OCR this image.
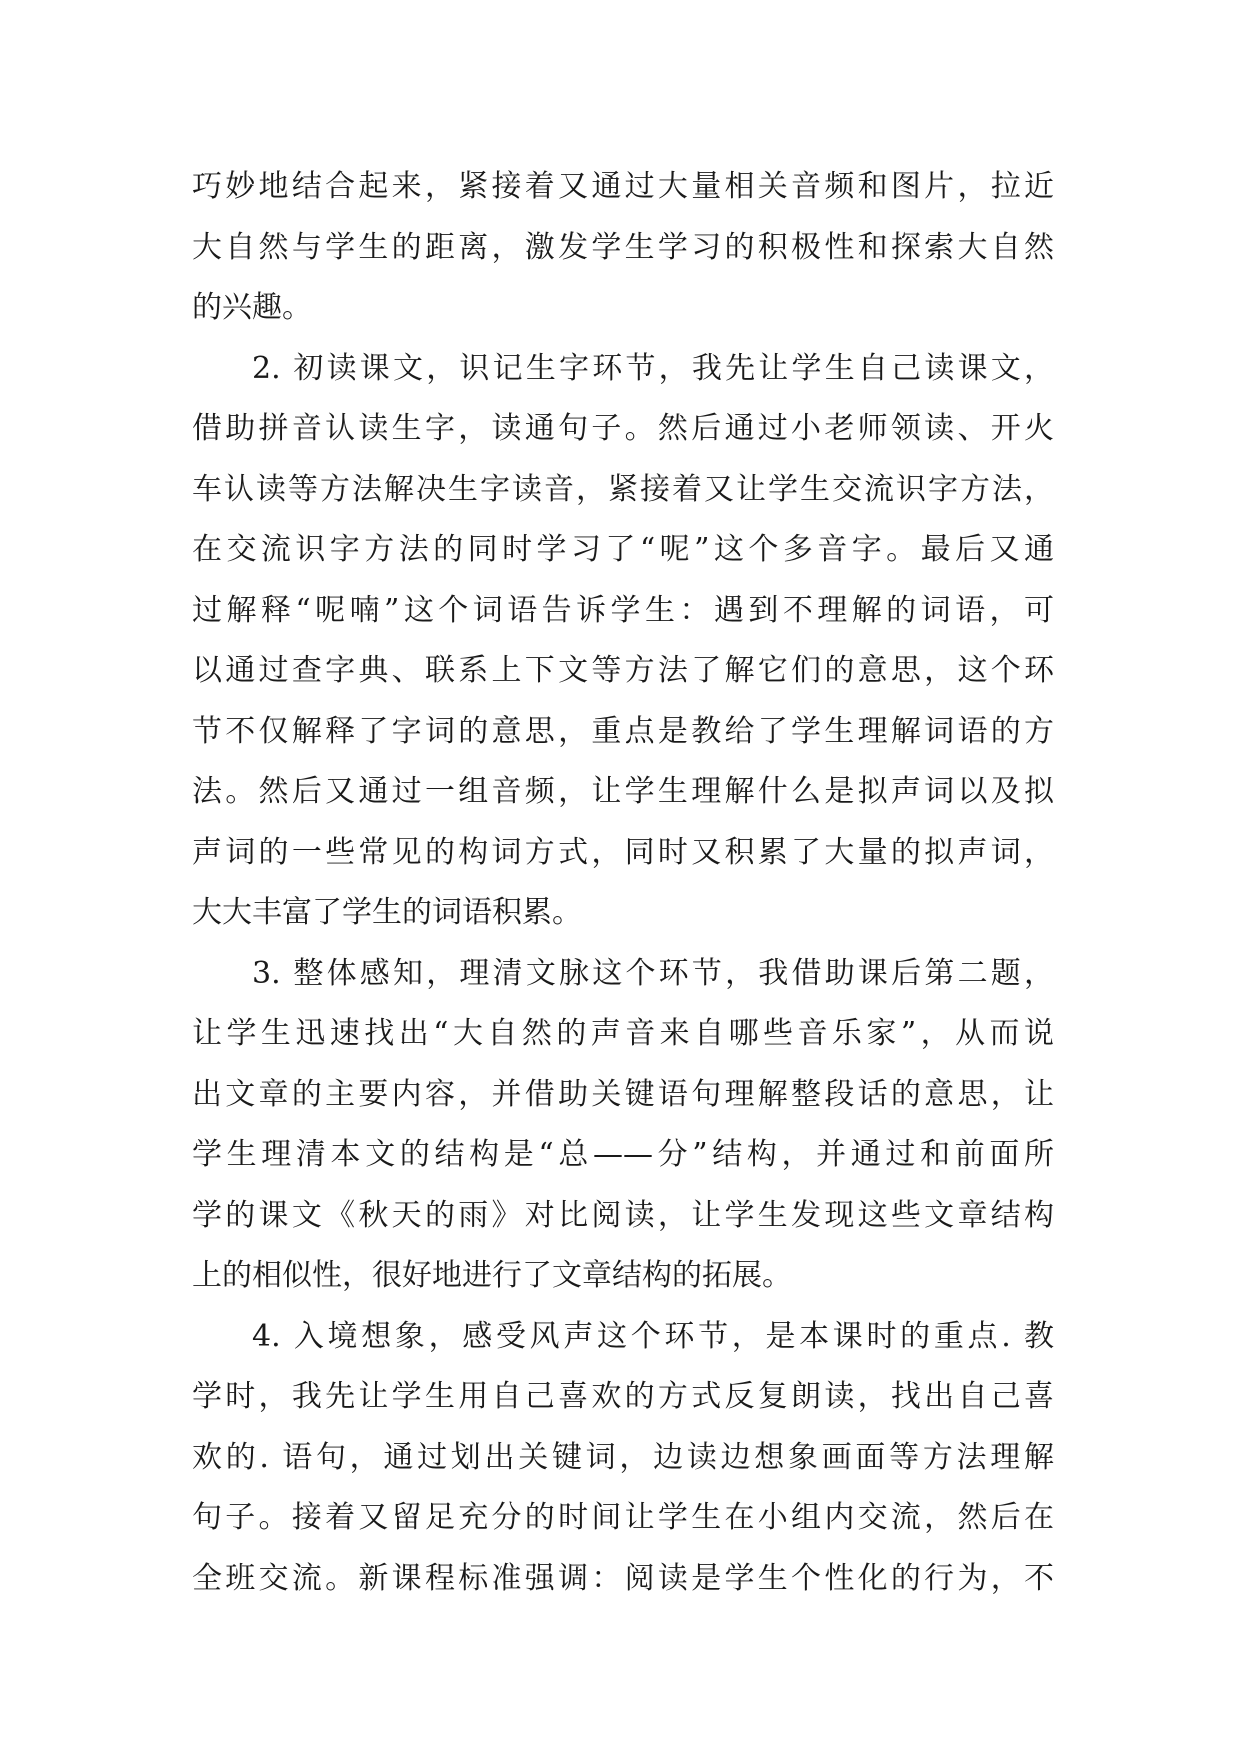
巧妙地结合起来，紧接着又通过大量相关音频和图片，拉近
大自然与学生的距离，激发学生学习的积极性和探索大自然
的兴趣。
2. 初读课文，识记生字环节，我先让学生自己读课文，
借助拼音认读生字，读通句子。然后通过小老师领读、开火
车认读等方法解决生字读音，紧接着又让学生交流识字方法，
在交流识字方法的同时学习了“呢”这个多音字。最后又通
过解释“呢喃”这个词语告诉学生：遇到不理解的词语，可
以通过查字典、联系上下文等方法了解它们的意思，这个环
节不仅解释了字词的意思，重点是教给了学生理解词语的方
法。然后又通过一组音频，让学生理解什么是拟声词以及拟
声词的一些常见的构词方式，同时又积累了大量的拟声词，
大大丰富了学生的词语积累。
3. 整体感知，理清文脉这个环节，我借助课后第二题，
让学生迅速找出“大自然的声音来自哪些音乐家”，从而说
出文章的主要内容，并借助关键语句理解整段话的意思，让
学生理清本文的结构是“总——分”结构，并通过和前面所
学的课文《秋天的雨》对比阅读，让学生发现这些文章结构
上的相似性，很好地进行了文章结构的拓展。
4. 入境想象，感受风声这个环节，是本课时的重点. 教
学时，我先让学生用自己喜欢的方式反复朗读，找出自己喜
欢的. 语句，通过划出关键词，边读边想象画面等方法理解
句子。接着又留足充分的时间让学生在小组内交流，然后在
全班交流。新课程标准强调：阅读是学生个性化的行为，不
